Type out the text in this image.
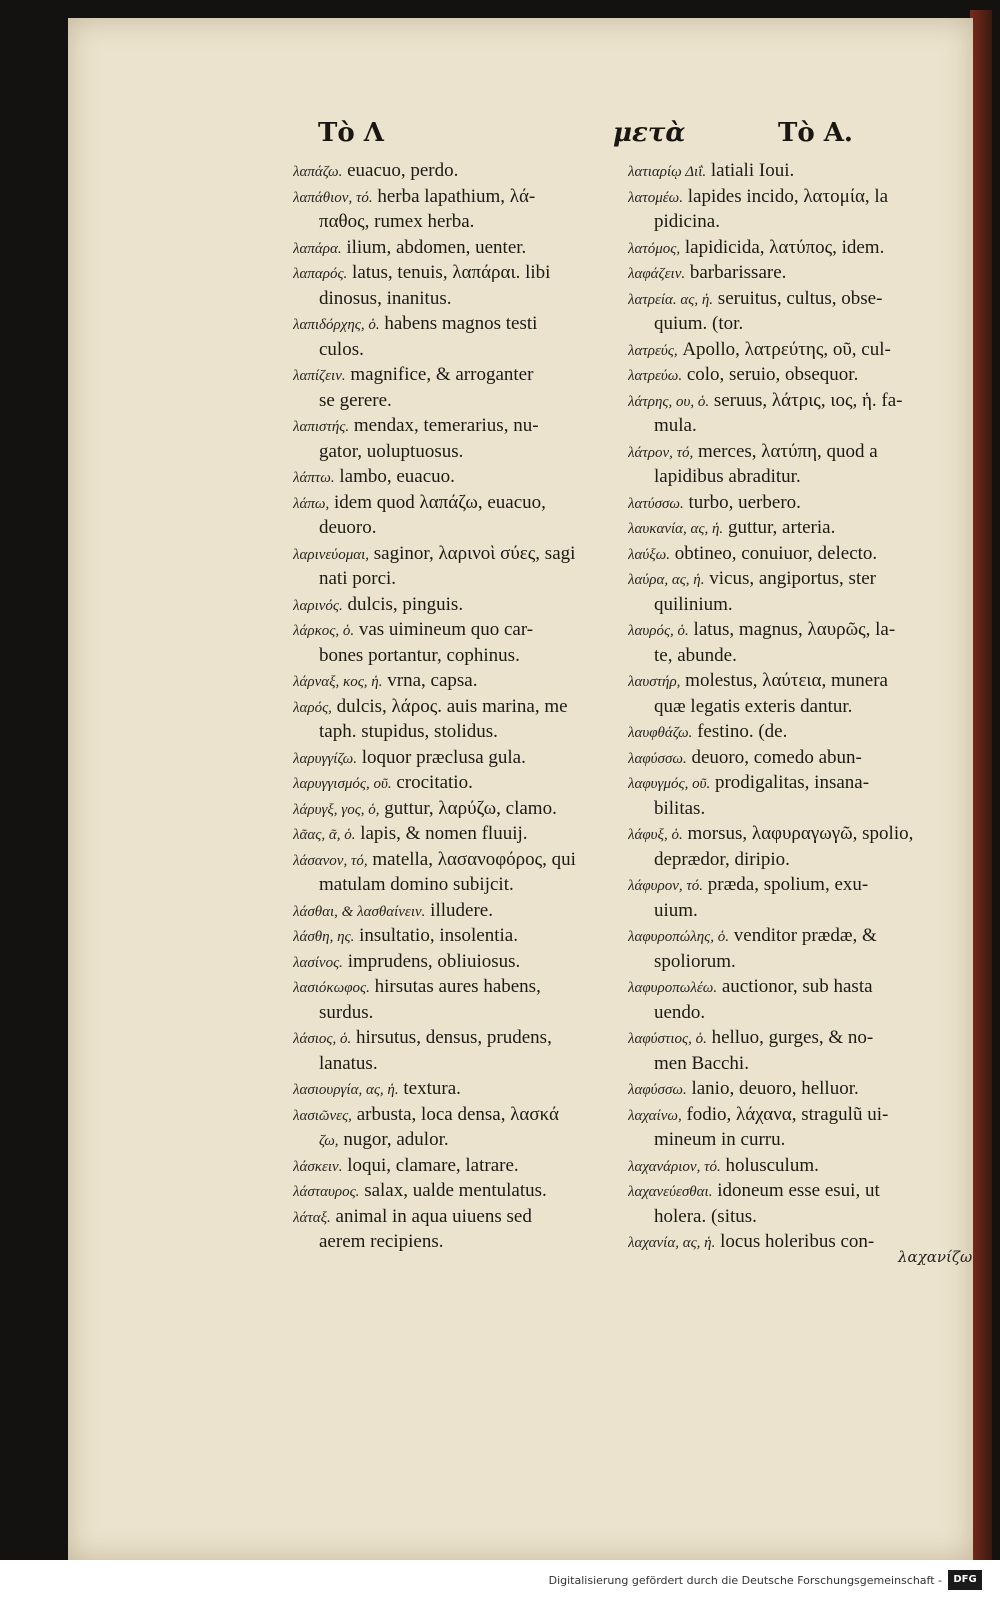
Τὸ Λ	μετὰ	Τὸ Α.
λαπάζω. euacuo, perdo.
λαπάθιον, τό. herba lapathium, λά-
παθος, rumex herba.
λαπάρα. ilium, abdomen, uenter.
λαπαρός. latus, tenuis, λαπάραι. libi
dinosus, inanitus.
λαπιδόρχης, ὁ. habens magnos testi
culos.
λαπίζειν. magnifice, & arroganter
se gerere.
λαπιστής. mendax, temerarius, nu-
gator, uoluptuosus.
λάπτω. lambo, euacuo.
λάπω, idem quod λαπάζω, euacuo,
deuoro.
λαρινεύομαι, saginor, λαρινοὶ σύες, sagi
nati porci.
λαρινός. dulcis, pinguis.
λάρκος, ὁ. vas uimineum quo car-
bones portantur, cophinus.
λάρναξ, κος, ἡ. vrna, capsa.
λαρός, dulcis, λάρος. auis marina, me
taph. stupidus, stolidus.
λαρυγγίζω. loquor præclusa gula.
λαρυγγισμός, οῦ. crocitatio.
λάρυγξ, γος, ὁ, guttur, λαρύζω, clamo.
λᾶας, ᾶ, ὁ. lapis, & nomen fluuij.
λάσανον, τό, matella, λασανοφόρος, qui
matulam domino subijcit.
λάσθαι, & λασθαίνειν. illudere.
λάσθη, ης. insultatio, insolentia.
λασίνος. imprudens, obliuiosus.
λασιόκωφος. hirsutas aures habens,
surdus.
λάσιος, ὁ. hirsutus, densus, prudens,
lanatus.
λασιουργία, ας, ἡ. textura.
λασιῶνες, arbusta, loca densa, λασκά
ζω, nugor, adulor.
λάσκειν. loqui, clamare, latrare.
λάσταυρος. salax, ualde mentulatus.
λάταξ. animal in aqua uiuens sed
aerem recipiens.
λατιαρίῳ Διΐ. latiali Ioui.
λατομέω. lapides incido, λατομία, la
pidicina.
λατόμος, lapidicida, λατύπος, idem.
λαφάζειν. barbarissare.
λατρεία. ας, ἡ. seruitus, cultus, obse-
quium. (tor.
λατρεύς, Apollo, λατρεύτης, οῦ, cul-
λατρεύω. colo, seruio, obsequor.
λάτρης, ου, ὁ. seruus, λάτρις, ιος, ἡ. fa-
mula.
λάτρον, τό, merces, λατύπη, quod a
lapidibus abraditur.
λατύσσω. turbo, uerbero.
λαυκανία, ας, ἡ. guttur, arteria.
λαύξω. obtineo, conuiuor, delecto.
λαύρα, ας, ἡ. vicus, angiportus, ster
quilinium.
λαυρός, ὁ. latus, magnus, λαυρῶς, la-
te, abunde.
λαυστήρ, molestus, λαύτεια, munera
quæ legatis exteris dantur.
λαυφθάζω. festino. (de.
λαφύσσω. deuoro, comedo abun-
λαφυγμός, οῦ. prodigalitas, insana-
bilitas.
λάφυξ, ὁ. morsus, λαφυραγωγῶ, spolio,
deprædor, diripio.
λάφυρον, τό. præda, spolium, exu-
uium.
λαφυροπώλης, ὁ. venditor prædæ, &
spoliorum.
λαφυροπωλέω. auctionor, sub hasta
uendo.
λαφύστιος, ὁ. helluo, gurges, & no-
men Bacchi.
λαφύσσω. lanio, deuoro, helluor.
λαχαίνω, fodio, λάχανα, stragulũ ui-
mineum in curru.
λαχανάριον, τό. holusculum.
λαχανεύεσθαι. idoneum esse esui, ut
holera. (situs.
λαχανία, ας, ἡ. locus holeribus con-
λαχανίζω
Digitalisierung gefördert durch die Deutsche Forschungsgemeinschaft -	DFG
